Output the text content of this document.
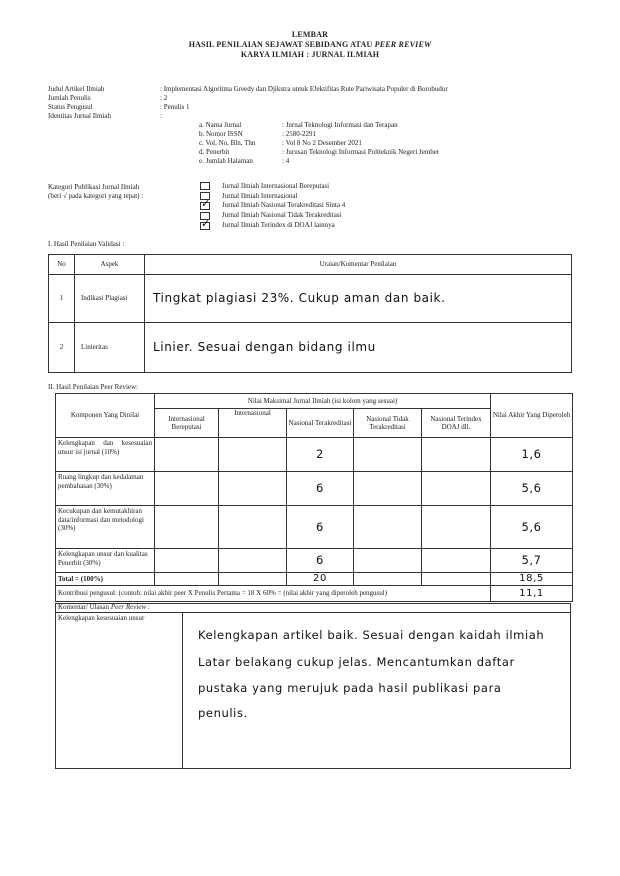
LEMBAR
HASIL PENILAIAN SEJAWAT SEBIDANG ATAU PEER REVIEW
KARYA ILMIAH : JURNAL ILMIAH
Judul Artikel Ilmiah	: Implementasi Algoritma Greedy dan Djikstra untuk Efektifitas Rute Pariwisata Populer di Borobudur
Jumlah Penulis	: 2
Status Pengusul	: Penulis 1
Identitas Jurnal Ilmiah	:
a. Nama Jurnal	: Jurnal Teknologi Informasi dan Terapan
b. Nomor ISSN	: 2580-2291
c. Vol, No, Bln, Thn	: Vol 8 No 2 Desember 2021
d. Penerbit	: Jurusan Teknologi Informasi Politeknik Negeri Jember
e. Jumlah Halaman	: 4
Kategori Publikasi Jurnal Ilmiah
(beri √ pada kategori yang tepat) :
Jurnal Ilmiah Internasional Bereputasi
Jurnal Ilmiah Internasional
✓ Jurnal Ilmiah Nasional Terakreditasi Sinta 4
Jurnal Ilmiah Nasional Tidak Terakreditasi
✓ Jurnal Ilmiah Terindex di DOAJ lainnya
I. Hasil Penilaian Validasi :
No	Aspek	Uraian/Komentar Penilaian
1	Indikasi Plagiasi	Tingkat plagiasi 23%. Cukup aman dan baik.
2	Linieritas	Linier. Sesuai dengan bidang ilmu
II. Hasil Penilaian Peer Review:
Komponen Yang Dinilai	Nilai Maksimal Jurnal Ilmiah (isi kolom yang sesuai)					Nilai Akhir Yang Diperoleh
	Internasional Bereputasi	Internasional	Nasional Terakreditasi	Nasional Tidak Terakreditasi	Nasional Terindex DOAJ dll.	
Kelengkapan dan kesesuaian unsur isi jurnal (10%)			2			1,6
Ruang lingkup dan kedalaman pembahasan (30%)			6			5,6
Kecukupan dan kemutakhiran data/informasi dan metodologi (30%)			6			5,6
Kelengkapan unsur dan kualitas Penerbit (30%)			6			5,7
Total = (100%)			20			18,5
Kontribusi pengusul: (contoh: nilai akhir peer X Penulis Pertama = 18 X 60% = (nilai akhir yang diperoleh pengusul)						11,1
Komentar/ Ulasan Peer Review :
Kelengkapan kesesuaian unsur
Kelengkapan artikel baik. Sesuai dengan kaidah ilmiah
Latar belakang cukup jelas. Mencantumkan daftar
pustaka yang merujuk pada hasil publikasi para
penulis.
